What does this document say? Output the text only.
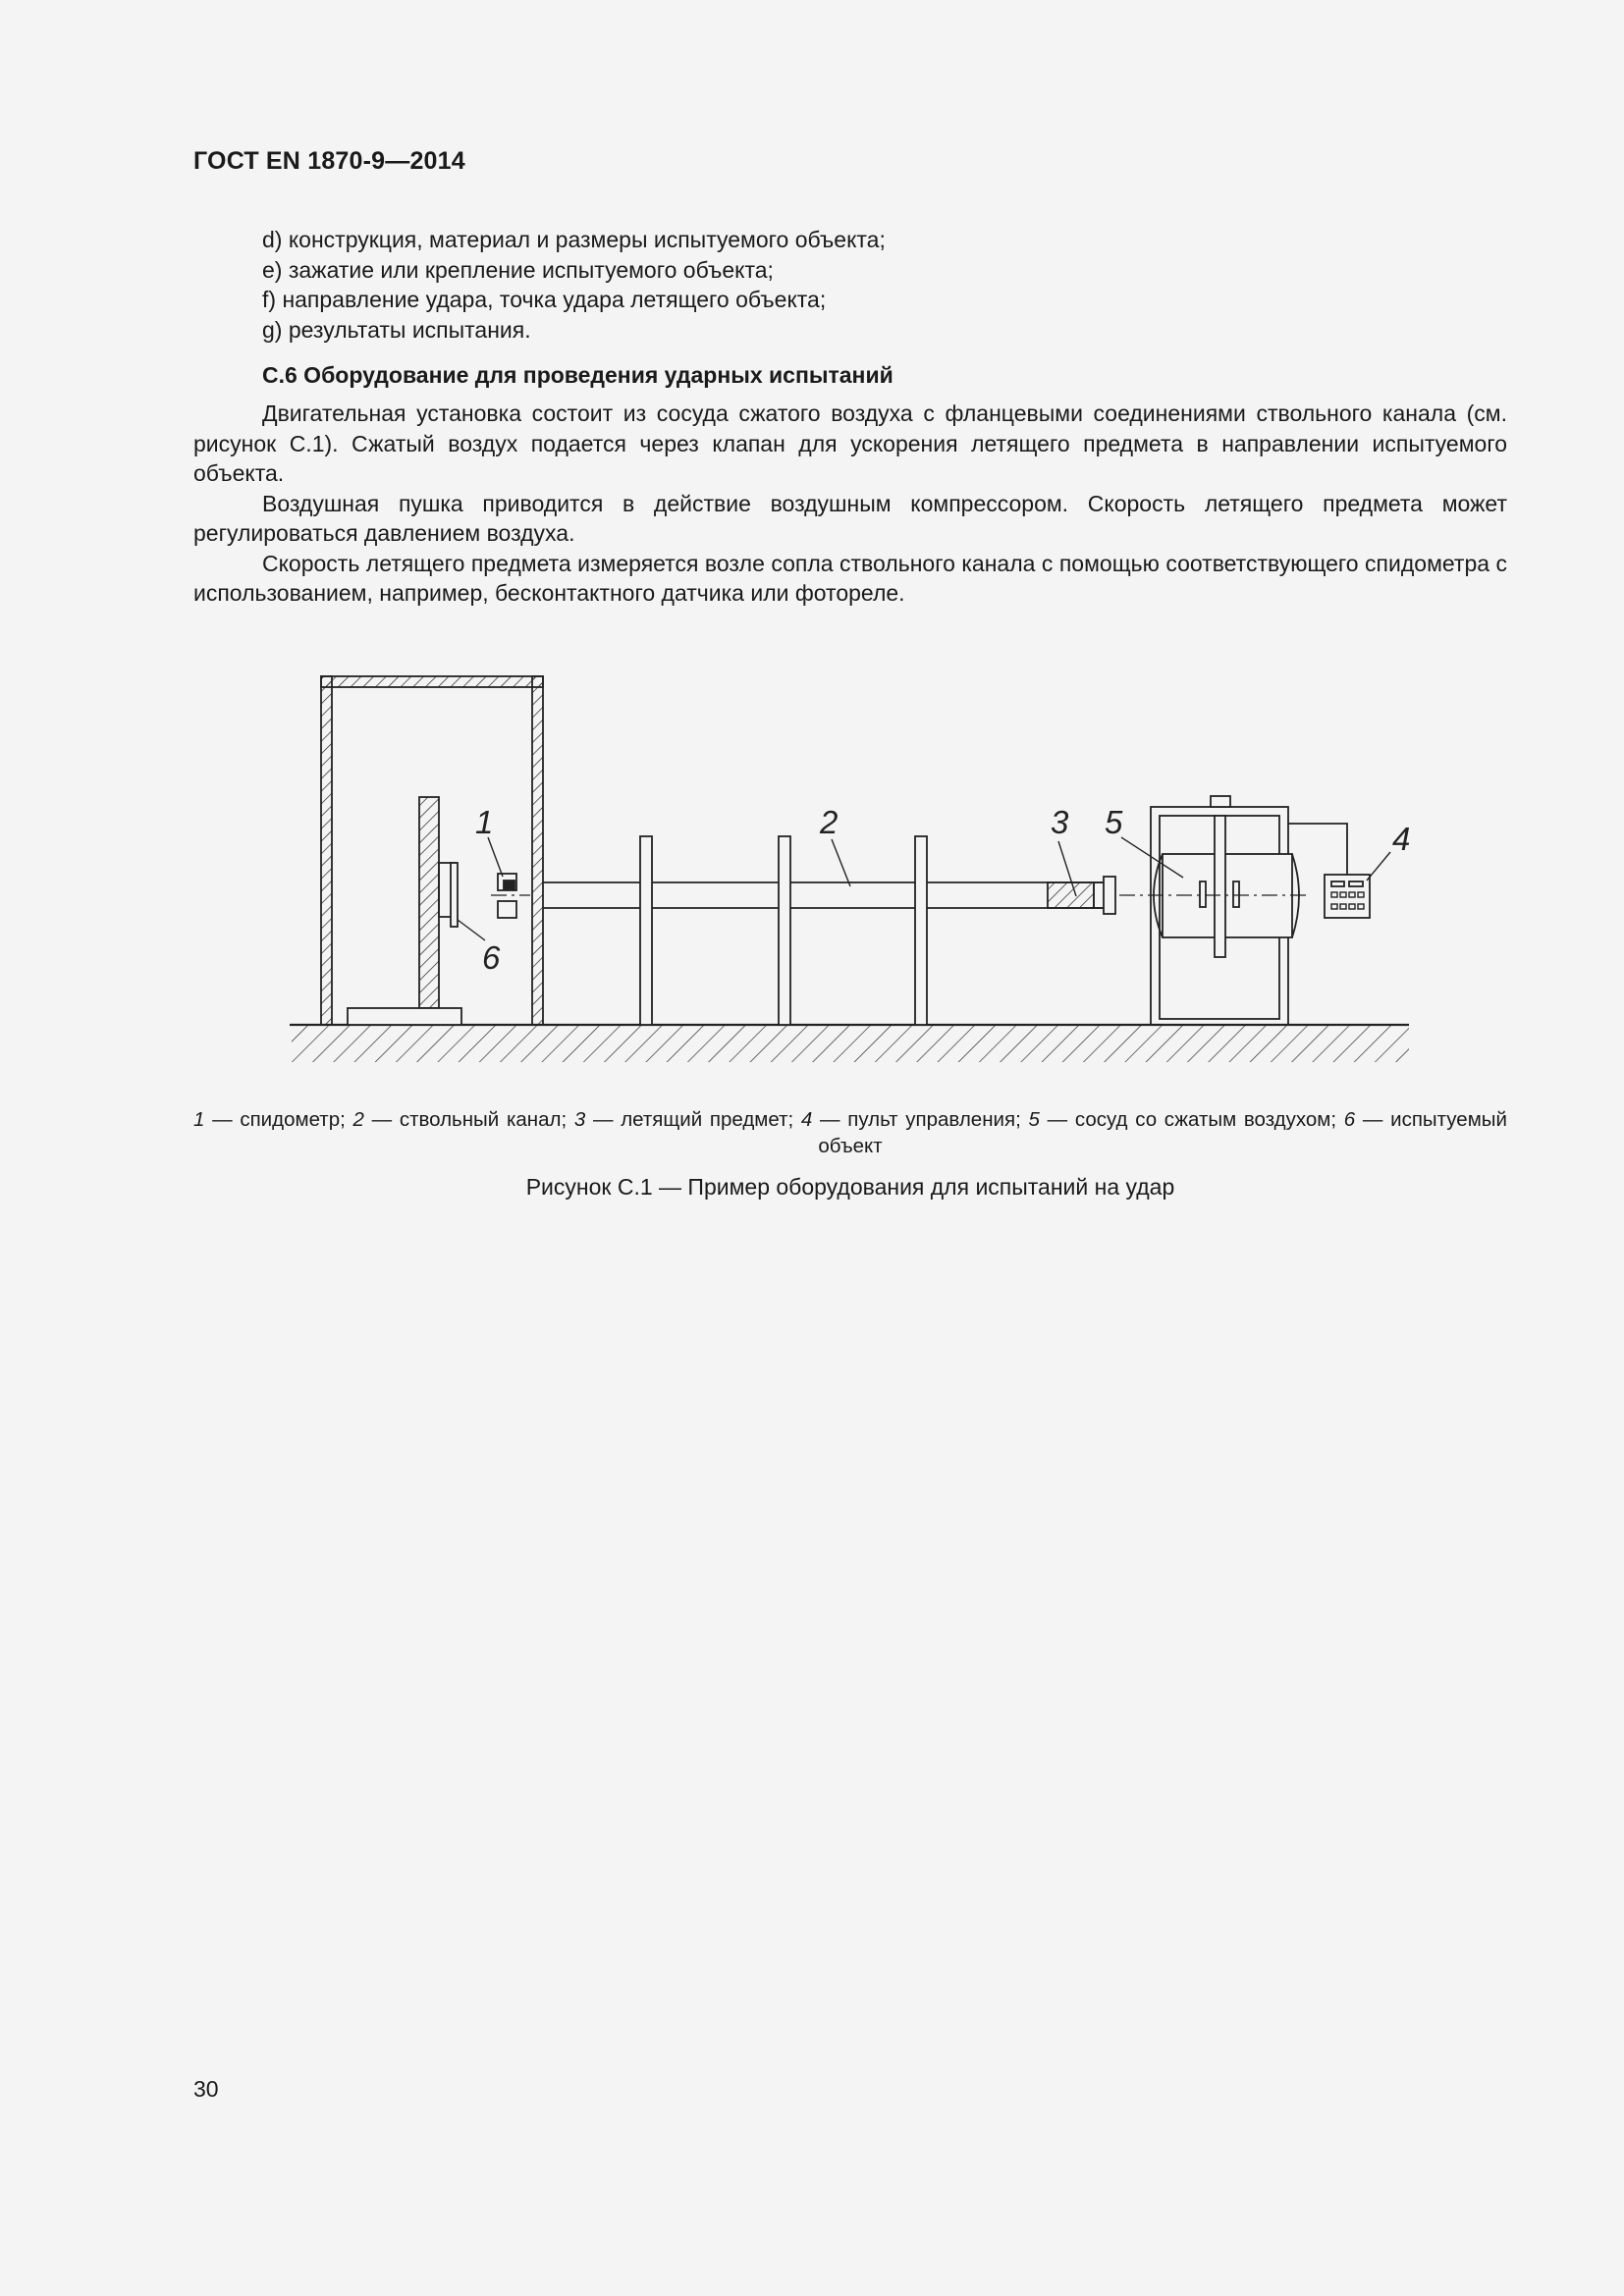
ГОСТ EN 1870-9—2014
d) конструкция, материал и размеры испытуемого объекта;
е) зажатие или крепление испытуемого объекта;
f) направление удара, точка удара летящего объекта;
g) результаты испытания.
С.6 Оборудование для проведения ударных испытаний

Двигательная установка состоит из сосуда сжатого воздуха с фланцевыми соединениями ствольного канала (см. рисунок С.1). Сжатый воздух подается через клапан для ускорения летящего предмета в направлении испытуемого объекта.

Воздушная пушка приводится в действие воздушным компрессором. Скорость летящего предмета может регулироваться давлением воздуха.

Скорость летящего предмета измеряется возле сопла ствольного канала с помощью соответствующего спидометра с использованием, например, бесконтактного датчика или фотореле.

1	2	3	4
5
6
1 — спидометр; 2 — ствольный канал; 3 — летящий предмет; 4 — пульт управления; 5 — сосуд со сжатым воздухом; 6 — испытуемый объект
Рисунок С.1 — Пример оборудования для испытаний на удар
30
